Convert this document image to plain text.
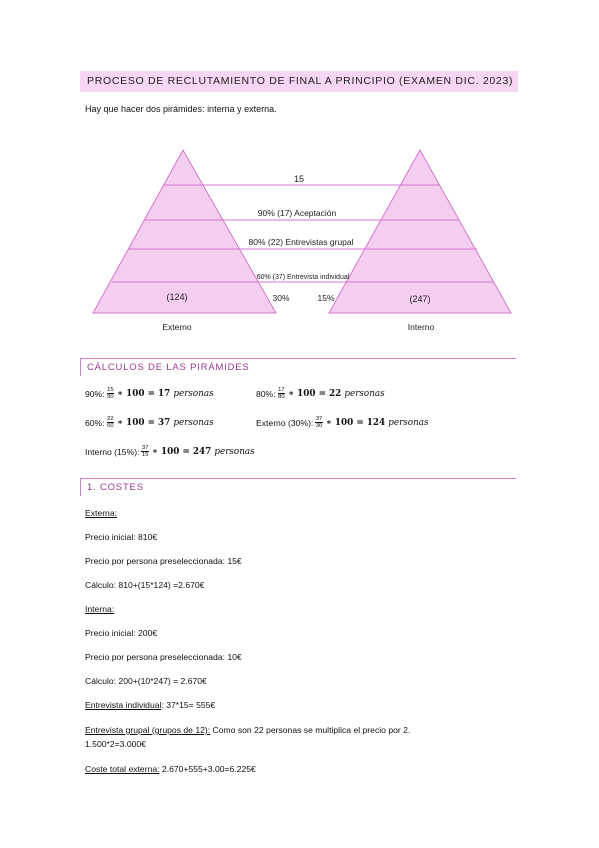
PROCESO DE RECLUTAMIENTO DE FINAL A PRINCIPIO (EXAMEN DIC. 2023)
Hay que hacer dos pirámides: interna y externa.
15
90% (17) Aceptación
80% (22) Entrevistas grupal
60% (37) Entrevista individual
(124)	(247)
30%	15%
Externo	Interno
CÁLCULOS DE LAS PIRÁMIDES
90%: $\frac{15}{90}$ ∗ 100 = 17 personas	80%: $\frac{17}{80}$ ∗ 100 = 22 personas
60%: $\frac{22}{60}$ ∗ 100 = 37 personas	Externo (30%): $\frac{37}{30}$ ∗ 100 = 124 personas
Interno (15%): $\frac{37}{15}$ ∗ 100 = 247 personas
1. COSTES
Externa:
Precio inicial: 810€
Precio por persona preseleccionada: 15€
Cálculo: 810+(15*124) =2.670€
Interna:
Precio inicial: 200€
Precio por persona preseleccionada: 10€
Cálculo: 200+(10*247) = 2.670€
Entrevista individual: 37*15= 555€
Entrevista grupal (grupos de 12): Como son 22 personas se multiplica el precio por 2.
1.500*2=3.000€
Coste total externa: 2.670+555+3.00=6.225€
